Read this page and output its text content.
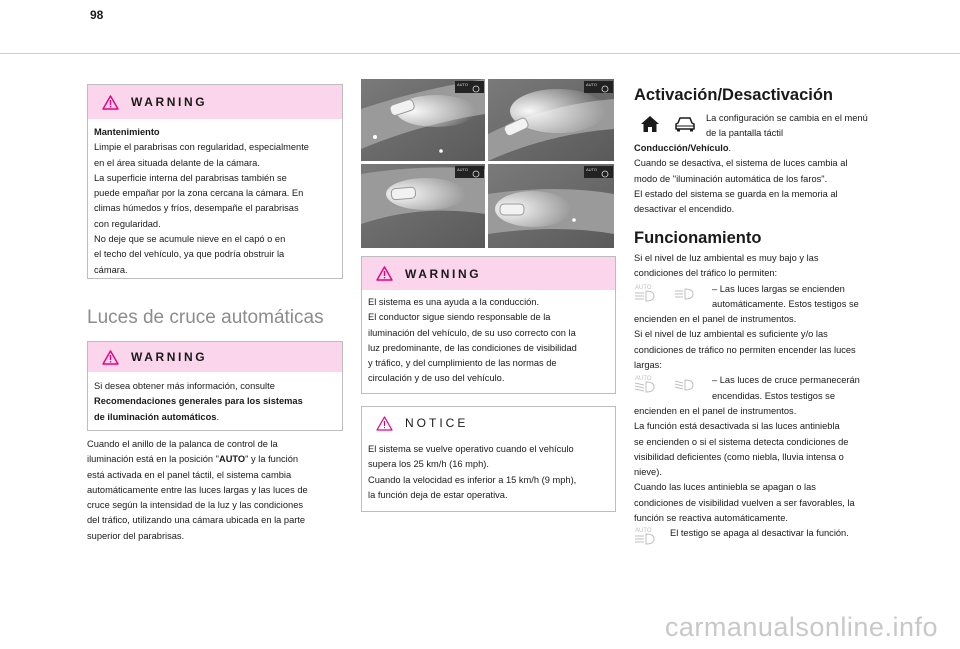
98
WARNING

Mantenimiento

Limpie el parabrisas con regularidad, especialmente

en el área situada delante de la cámara.

La superficie interna del parabrisas también se

puede empañar por la zona cercana la cámara. En

climas húmedos y fríos, desempañe el parabrisas

con regularidad.

No deje que se acumule nieve en el capó o en

el techo del vehículo, ya que podría obstruir la

cámara.

Luces de cruce automáticas
WARNING

Si desea obtener más información, consulte

Recomendaciones generales para los sistemas

de iluminación automáticos.

Cuando el anillo de la palanca de control de la

iluminación está en la posición "AUTO" y la función

está activada en el panel táctil, el sistema cambia

automáticamente entre las luces largas y las luces de

cruce según la intensidad de la luz y las condiciones

del tráfico, utilizando una cámara ubicada en la parte

superior del parabrisas.

AUTO	AUTO
AUTO	AUTO
WARNING

El sistema es una ayuda a la conducción.

El conductor sigue siendo responsable de la

iluminación del vehículo, de su uso correcto con la

luz predominante, de las condiciones de visibilidad

y tráfico, y del cumplimiento de las normas de

circulación y de uso del vehículo.

NOTICE

El sistema se vuelve operativo cuando el vehículo

supera los 25 km/h (16 mph).

Cuando la velocidad es inferior a 15 km/h (9 mph),

la función deja de estar operativa.

Activación/Desactivación

La configuración se cambia en el menú

de la pantalla táctil

Conducción/Vehículo.

Cuando se desactiva, el sistema de luces cambia al

modo de "iluminación automática de los faros".

El estado del sistema se guarda en la memoria al

desactivar el encendido.

Funcionamiento

Si el nivel de luz ambiental es muy bajo y las

condiciones del tráfico lo permiten:

AUTO	– Las luces largas se encienden

automáticamente. Estos testigos se

encienden en el panel de instrumentos.

Si el nivel de luz ambiental es suficiente y/o las

condiciones de tráfico no permiten encender las luces

largas:

AUTO	– Las luces de cruce permanecerán

encendidas. Estos testigos se

encienden en el panel de instrumentos.

La función está desactivada si las luces antiniebla

se encienden o si el sistema detecta condiciones de

visibilidad deficientes (como niebla, lluvia intensa o

nieve).

Cuando las luces antiniebla se apagan o las

condiciones de visibilidad vuelven a ser favorables, la

función se reactiva automáticamente.

AUTO El testigo se apaga al desactivar la función.

carmanualsonline.info
